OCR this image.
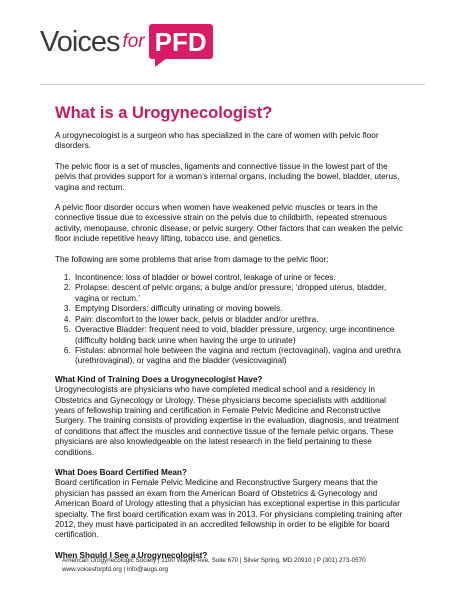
Voices for PFD
What is a Urogynecologist?

A urogynecologist is a surgeon who has specialized in the care of women with pelvic floor disorders.

The pelvic floor is a set of muscles, ligaments and connective tissue in the lowest part of the pelvis that provides support for a woman’s internal organs, including the bowel, bladder, uterus, vagina and rectum.

A pelvic floor disorder occurs when women have weakened pelvic muscles or tears in the connective tissue due to excessive strain on the pelvis due to childbirth, repeated strenuous activity, menopause, chronic disease, or pelvic surgery. Other factors that can weaken the pelvic floor include repetitive heavy lifting, tobacco use, and genetics.

The following are some problems that arise from damage to the pelvic floor:

1. Incontinence: loss of bladder or bowel control, leakage of urine or feces.
2. Prolapse: descent of pelvic organs; a bulge and/or pressure; ‘dropped uterus, bladder, vagina or rectum.’
3. Emptying Disorders: difficulty urinating or moving bowels.
4. Pain: discomfort to the lower back, pelvis or bladder and/or urethra.
5. Overactive Bladder: frequent need to void, bladder pressure, urgency, urge incontinence (difficulty holding back urine when having the urge to urinate)
6. Fistulas: abnormal hole between the vagina and rectum (rectovaginal), vagina and urethra (urethrovaginal), or vagina and the bladder (vesicovaginal)
What Kind of Training Does a Urogynecologist Have?

Urogynecologists are physicians who have completed medical school and a residency in Obstetrics and Gynecology or Urology. These physicians become specialists with additional years of fellowship training and certification in Female Pelvic Medicine and Reconstructive Surgery. The training consists of providing expertise in the evaluation, diagnosis, and treatment of conditions that affect the muscles and connective tissue of the female pelvic organs. These physicians are also knowledgeable on the latest research in the field pertaining to these conditions.

What Does Board Certified Mean?

Board certification in Female Pelvic Medicine and Reconstructive Surgery means that the physician has passed an exam from the American Board of Obstetrics & Gynecology and American Board of Urology attesting that a physician has exceptional expertise in this particular specialty. The first board certification exam was in 2013. For physicians completing training after 2012, they must have participated in an accredited fellowship in order to be eligible for board certification.

When Should I See a Urogynecologist?
American Urogynecologic Society | 1100 Wayne Ave, Suite 670 | Silver Spring, MD 20910 | P (301) 273-0570
www.voicesforpfd.org | info@augs.org
